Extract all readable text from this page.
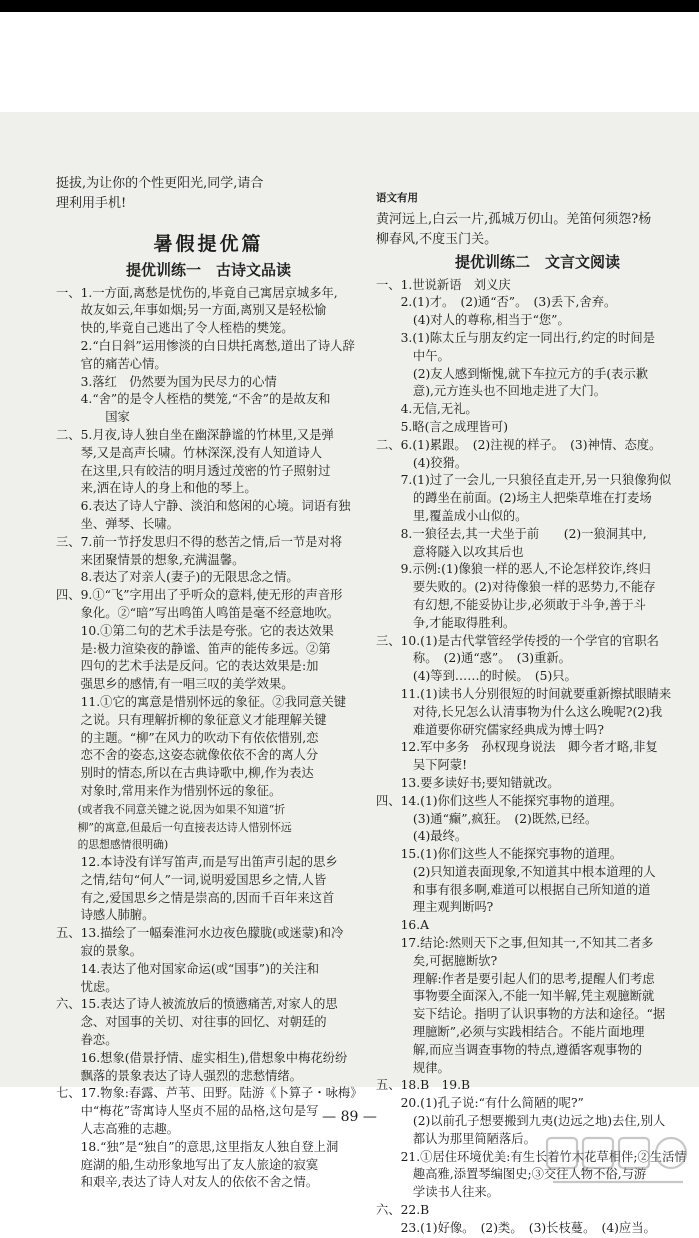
挺拔,为让你的个性更阳光,同学,请合
理利用手机!
暑假提优篇
提优训练一　古诗文品读
一、1.一方面,离愁是忧伤的,毕竟自己寓居京城多年,
　　故友如云,年事如烟;另一方面,离别又是轻松愉
　　快的,毕竟自己逃出了令人桎梏的樊笼。
　　2.“白日斜”运用惨淡的白日烘托离愁,道出了诗人辞
　　官的痛苦心情。
　　3.落红　仍然要为国为民尽力的心情
　　4.“舍”的是令人桎梏的樊笼,“不舍”的是故友和
　　　　国家
二、5.月夜,诗人独自坐在幽深静谧的竹林里,又是弹
　　琴,又是高声长啸。竹林深深,没有人知道诗人
　　在这里,只有皎洁的明月透过茂密的竹子照射过
　　来,洒在诗人的身上和他的琴上。
　　6.表达了诗人宁静、淡泊和悠闲的心境。词语有独
　　坐、弹琴、长啸。
三、7.前一节抒发思归不得的愁苦之情,后一节是对将
　　来团聚情景的想象,充满温馨。
　　8.表达了对亲人(妻子)的无限思念之情。
四、9.①“飞”字用出了乎听众的意料,使无形的声音形
　　象化。②“暗”写出鸣笛人鸣笛是毫不经意地吹。
　　10.①第二句的艺术手法是夸张。它的表达效果
　　是:极力渲染夜的静谧、笛声的能传多远。②第
　　四句的艺术手法是反问。它的表达效果是:加
　　强思乡的感情,有一唱三叹的美学效果。
　　11.①它的寓意是惜别怀远的象征。②我同意关键
　　之说。只有理解折柳的象征意义才能理解关键
　　的主题。“柳”在风力的吹动下有依依惜别,恋
　　恋不舍的姿态,这姿态就像依依不舍的离人分
　　别时的情态,所以在古典诗歌中,柳,作为表达
　　对象时,常用来作为惜别怀远的象征。
　　(或者我不同意关键之说,因为如果不知道“折
　　柳”的寓意,但最后一句直接表达诗人惜别怀远
　　的思想感情很明确)
　　12.本诗没有详写笛声,而是写出笛声引起的思乡
　　之情,结句“何人”一词,说明爱国思乡之情,人皆
　　有之,爱国思乡之情是崇高的,因而千百年来这首
　　诗感人肺腑。
五、13.描绘了一幅秦淮河水边夜色朦胧(或迷蒙)和冷
　　寂的景象。
　　14.表达了他对国家命运(或“国事”)的关注和
　　忧虑。
六、15.表达了诗人被流放后的愤懑痛苦,对家人的思
　　念、对国事的关切、对往事的回忆、对朝廷的
　　眷恋。
　　16.想象(借景抒情、虚实相生),借想象中梅花纷纷
　　飘落的景象表达了诗人强烈的悲愁情绪。
七、17.物象:春露、芦苇、田野。陆游《卜算子・咏梅》
　　中“梅花”寄寓诗人坚贞不屈的品格,这句是写
　　人志高雅的志趣。
　　18.“独”是“独自”的意思,这里指友人独自登上洞
　　庭湖的船,生动形象地写出了友人旅途的寂寞
　　和艰辛,表达了诗人对友人的依依不舍之情。
语文有用
黄河远上,白云一片,孤城万仞山。羌笛何须怨?杨
柳春风,不度玉门关。
提优训练二　文言文阅读
一、1.世说新语　刘义庆
　　2.(1)才。　(2)通“否”。　(3)丢下,舍弃。
　　　(4)对人的尊称,相当于“您”。
　　3.(1)陈太丘与朋友约定一同出行,约定的时间是
　　　中午。
　　　(2)友人感到惭愧,就下车拉元方的手(表示歉
　　　意),元方连头也不回地走进了大门。
　　4.无信,无礼。
　　5.略(言之成理皆可)
二、6.(1)累跟。　(2)注视的样子。　(3)神情、态度。
　　　(4)狡猾。
　　7.(1)过了一会儿,一只狼径直走开,另一只狼像狗似
　　　的蹲坐在前面。(2)场主人把柴草堆在打麦场
　　　里,覆盖成小山似的。
　　8.一狼径去,其一犬坐于前　　(2)一狼洞其中,
　　　意将隧入以攻其后也
　　9.示例:(1)像狼一样的恶人,不论怎样狡诈,终归
　　　要失败的。(2)对待像狼一样的恶势力,不能存
　　　有幻想,不能妥协让步,必须敢于斗争,善于斗
　　　争,才能取得胜利。
三、10.(1)是古代掌管经学传授的一个学官的官职名
　　　称。　(2)通“惑”。　(3)重新。
　　　(4)等到……的时候。　(5)只。
　　11.(1)读书人分别很短的时间就要重新擦拭眼睛来
　　　对待,长兄怎么认清事物为什么这么晚呢?(2)我
　　　难道要你研究儒家经典成为博士吗?
　　12.军中多务　孙权现身说法　卿今者才略,非复
　　　吴下阿蒙!
　　13.要多读好书;要知错就改。
四、14.(1)你们这些人不能探究事物的道理。
　　　(3)通“癫”,疯狂。　(2)既然,已经。
　　　(4)最终。
　　15.(1)你们这些人不能探究事物的道理。
　　　(2)只知道表面现象,不知道其中根本道理的人
　　　和事有很多啊,难道可以根据自己所知道的道
　　　理主观判断吗?
　　16.A
　　17.结论:然则天下之事,但知其一,不知其二者多
　　　矣,可据臆断欤?
　　　理解:作者是要引起人们的思考,提醒人们考虑
　　　事物要全面深入,不能一知半解,凭主观臆断就
　　　妄下结论。指明了认识事物的方法和途径。“据
　　　理臆断”,必须与实践相结合。不能片面地理
　　　解,而应当调查事物的特点,遵循客观事物的
　　　规律。
五、18.B　19.B
　　20.(1)孔子说:“有什么简陋的呢?”
　　　(2)以前孔子想要搬到九夷(边远之地)去住,别人
　　　都认为那里简陋落后。
　　21.①居住环境优美:有生长着竹木花草相伴;②生活情
　　　趣高雅,添置琴编图史;③交往人物不俗,与游
　　　学读书人往来。
六、22.B
　　23.(1)好像。　(2)类。　(3)长枝蔓。　(4)应当。
— 89 —
